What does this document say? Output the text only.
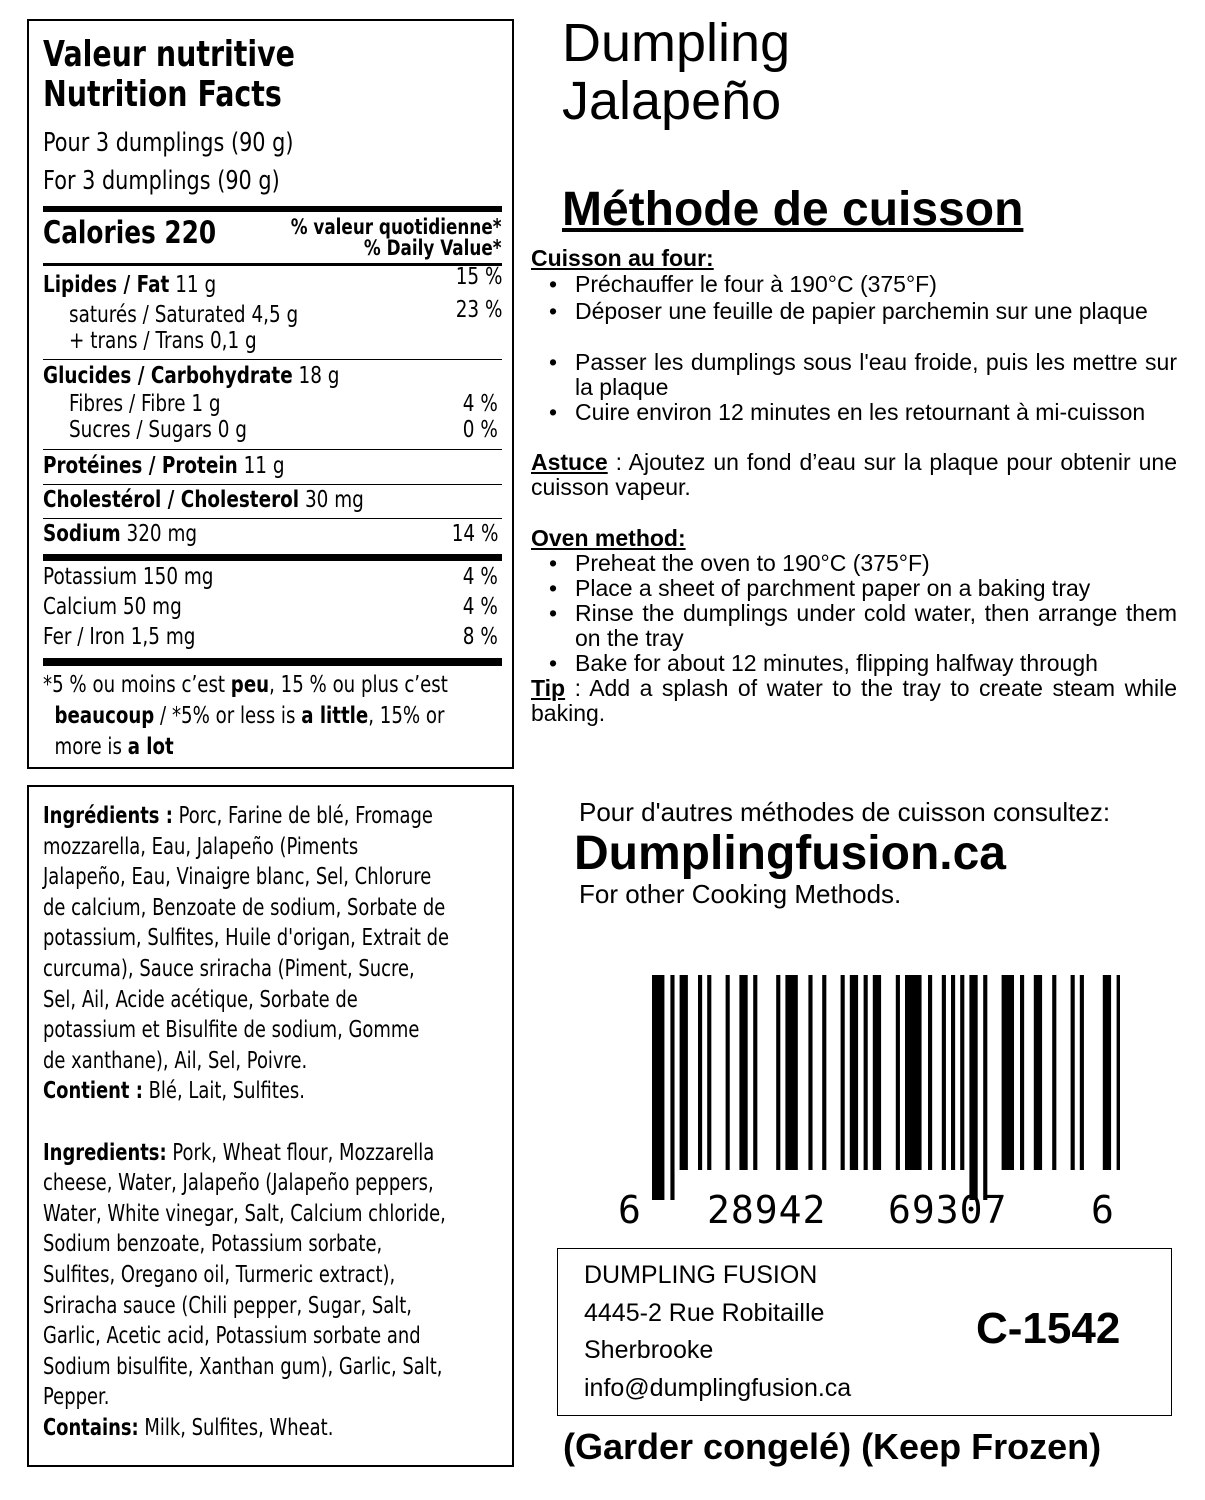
Valeur nutritive
Nutrition Facts
Pour 3 dumplings (90 g)
For 3 dumplings (90 g)
Calories 220	% valeur quotidienne*
% Daily Value*
Lipides / Fat 11 g	15 %
saturés / Saturated 4,5 g	23 %
+ trans / Trans 0,1 g
Glucides / Carbohydrate 18 g
Fibres / Fibre 1 g	4 %
Sucres / Sugars 0 g	0 %
Protéines / Protein 11 g
Cholestérol / Cholesterol 30 mg
Sodium 320 mg	14 %
Potassium 150 mg	4 %
Calcium 50 mg	4 %
Fer / Iron 1,5 mg	8 %
*5 % ou moins c’est peu, 15 % ou plus c’est
beaucoup / *5% or less is a little, 15% or
more is a lot

Ingrédients : Porc, Farine de blé, Fromage

mozzarella, Eau, Jalapeño (Piments

Jalapeño, Eau, Vinaigre blanc, Sel, Chlorure

de calcium, Benzoate de sodium, Sorbate de

potassium, Sulfites, Huile d'origan, Extrait de

curcuma), Sauce sriracha (Piment, Sucre,

Sel, Ail, Acide acétique, Sorbate de

potassium et Bisulfite de sodium, Gomme

de xanthane), Ail, Sel, Poivre.

Contient : Blé, Lait, Sulfites.

Ingredients: Pork, Wheat flour, Mozzarella

cheese, Water, Jalapeño (Jalapeño peppers,

Water, White vinegar, Salt, Calcium chloride,

Sodium benzoate, Potassium sorbate,

Sulfites, Oregano oil, Turmeric extract),

Sriracha sauce (Chili pepper, Sugar, Salt,

Garlic, Acetic acid, Potassium sorbate and

Sodium bisulfite, Xanthan gum), Garlic, Salt,

Pepper.

Contains: Milk, Sulfites, Wheat.

Dumpling
Jalapeño
Méthode de cuisson
Cuisson au four:
• Préchauffer le four à 190°C (375°F)
• Déposer une feuille de papier parchemin sur une plaque
• Passer les dumplings sous l'eau froide, puis les mettre sur la plaque
• Cuire environ 12 minutes en les retournant à mi-cuisson
Astuce : Ajoutez un fond d’eau sur la plaque pour obtenir une cuisson vapeur.
Oven method:
• Preheat the oven to 190°C (375°F)
• Place a sheet of parchment paper on a baking tray
• Rinse the dumplings under cold water, then arrange them on the tray
• Bake for about 12 minutes, flipping halfway through
Tip : Add a splash of water to the tray to create steam while baking.
Pour d'autres méthodes de cuisson consultez:
Dumplingfusion.ca
For other Cooking Methods.
6 28942 69307 6
DUMPLING FUSION
4445-2 Rue Robitaille
Sherbrooke
info@dumplingfusion.ca
C-1542
(Garder congelé) (Keep Frozen)
